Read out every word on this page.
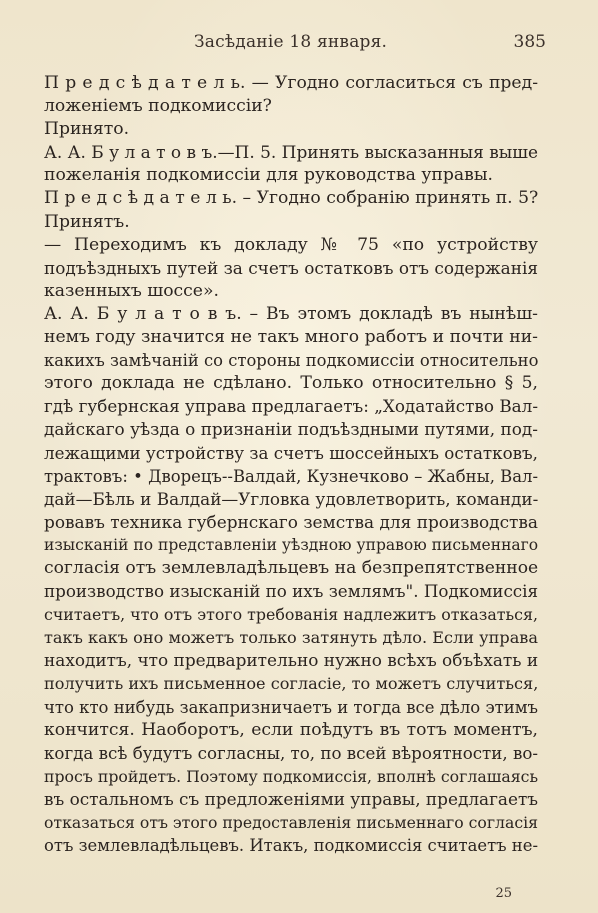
Засѣданіе 18 января.	385
П р е д с ѣ д а т е л ь. — Угодно согласиться съ пред-
ложеніемъ подкомиссіи?
Принято.
А. А. Б у л а т о в ъ.—П. 5. Принять высказанныя выше
пожеланія подкомиссіи для руководства управы.
П р е д с ѣ д а т е л ь. – Угодно собранію принять п. 5?
Принятъ.
— Переходимъ къ докладу № 75 «по устройству
подъѣздныхъ путей за счетъ остатковъ отъ содержанія
казенныхъ шоссе».
А. А. Б у л а т о в ъ. – Въ этомъ докладѣ въ нынѣш-
немъ году значится не такъ много работъ и почти ни-
какихъ замѣчаній со стороны подкомиссіи относительно
этого доклада не сдѣлано. Только относительно § 5,
гдѣ губернская управа предлагаетъ: „Ходатайство Вал-
дайскаго уѣзда о признаніи подъѣздными путями, под-
лежащими устройству за счетъ шоссейныхъ остатковъ,
трактовъ: • Дворецъ--Валдай, Кузнечково – Жабны, Вал-
дай—Бѣль и Валдай—Угловка удовлетворить, команди-
ровавъ техника губернскаго земства для производства
изысканій по представленіи уѣздною управою письменнаго
согласія отъ землевладѣльцевъ на безпрепятственное
производство изысканій по ихъ землямъ". Подкомиссія
считаетъ, что отъ этого требованія надлежитъ отказаться,
такъ какъ оно можетъ только затянуть дѣло. Если управа
находитъ, что предварительно нужно всѣхъ объѣхать и
получить ихъ письменное согласіе, то можетъ случиться,
что кто нибудь закапризничаетъ и тогда все дѣло этимъ
кончится. Наоборотъ, если поѣдутъ въ тотъ моментъ,
когда всѣ будутъ согласны, то, по всей вѣроятности, во-
просъ пройдетъ. Поэтому подкомиссія, вполнѣ соглашаясь
въ остальномъ съ предложеніями управы, предлагаетъ
отказаться отъ этого предоставленія письменнаго согласія
отъ землевладѣльцевъ. Итакъ, подкомиссія считаетъ не-
25
